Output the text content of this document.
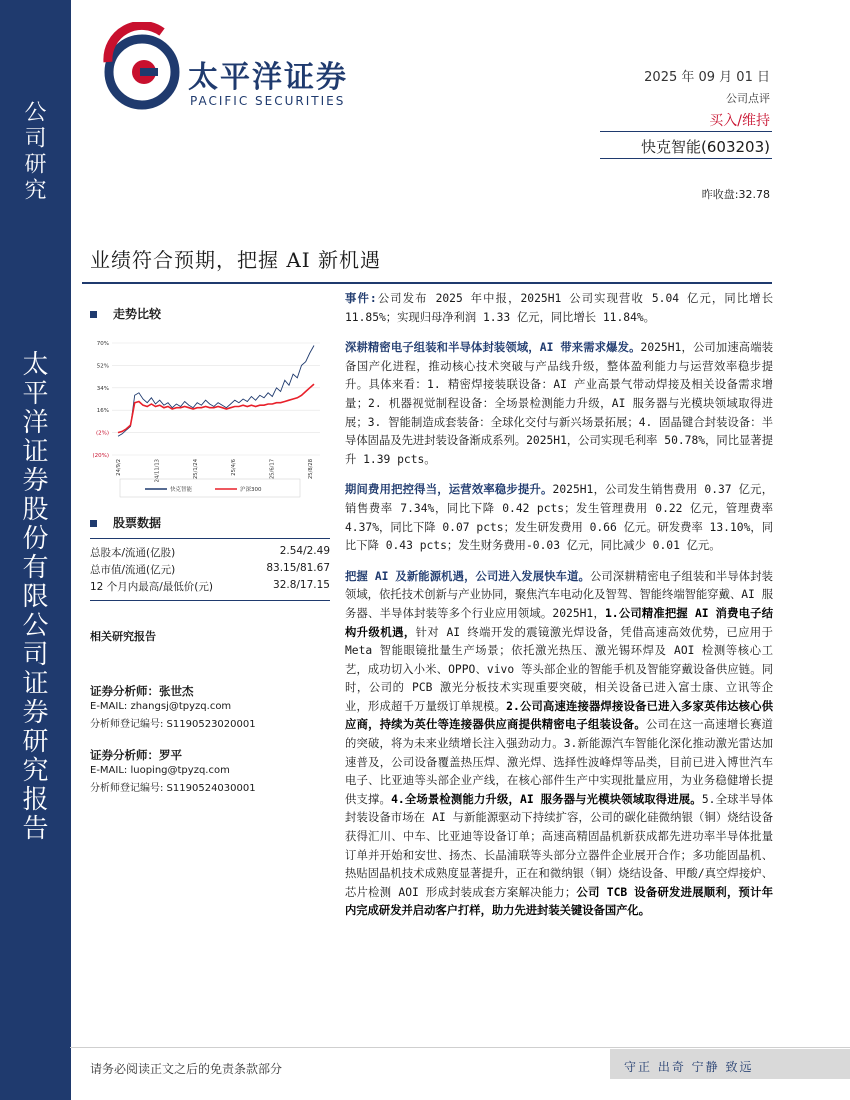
公司研究
太平洋证券股份有限公司证券研究报告
太平洋证券
PACIFIC SECURITIES
2025 年 09 月 01 日
公司点评
买入/维持
快克智能(603203)
昨收盘:32.78
业绩符合预期，把握 AI 新机遇
走势比较
70%
52%
34%
16%
(2%)
(20%)
24/9/2	24/11/13	25/1/24	25/4/6	25/6/17	25/8/28
快克智能	沪深300
股票数据
总股本/流通(亿股)	2.54/2.49
总市值/流通(亿元)	83.15/81.67
12 个月内最高/最低价(元)	32.8/17.15
相关研究报告
证券分析师：张世杰
E-MAIL: zhangsj@tpyzq.com
分析师登记编号: S1190523020001
证券分析师：罗平
E-MAIL: luoping@tpyzq.com
分析师登记编号: S1190524030001

事件:公司发布 2025 年中报，2025H1 公司实现营收 5.04 亿元，同比增长 11.85%；实现归母净利润 1.33 亿元，同比增长 11.84%。

深耕精密电子组装和半导体封装领域，AI 带来需求爆发。2025H1，公司加速高端装备国产化进程，推动核心技术突破与产品线升级，整体盈利能力与运营效率稳步提升。具体来看：1. 精密焊接装联设备：AI 产业高景气带动焊接及相关设备需求增量；2. 机器视觉制程设备：全场景检测能力升级，AI 服务器与光模块领域取得进展；3. 智能制造成套装备：全球化交付与新兴场景拓展；4. 固晶键合封装设备：半导体固晶及先进封装设备渐成系列。2025H1，公司实现毛利率 50.78%，同比显著提升 1.39 pcts。

期间费用把控得当，运营效率稳步提升。2025H1，公司发生销售费用 0.37 亿元，销售费率 7.34%，同比下降 0.42 pcts；发生管理费用 0.22 亿元，管理费率 4.37%，同比下降 0.07 pcts；发生研发费用 0.66 亿元。研发费率 13.10%，同比下降 0.43 pcts；发生财务费用-0.03 亿元，同比减少 0.01 亿元。

把握 AI 及新能源机遇，公司进入发展快车道。公司深耕精密电子组装和半导体封装领域，依托技术创新与产业协同，聚焦汽车电动化及智驾、智能终端智能穿戴、AI 服务器、半导体封装等多个行业应用领域。2025H1，1.公司精准把握 AI 消费电子结构升级机遇，针对 AI 终端开发的震镜激光焊设备，凭借高速高效优势，已应用于 Meta 智能眼镜批量生产场景；依托激光热压、激光锡环焊及 AOI 检测等核心工艺，成功切入小米、OPPO、vivo 等头部企业的智能手机及智能穿戴设备供应链。同时，公司的 PCB 激光分板技术实现重要突破，相关设备已进入富士康、立讯等企业，形成超千万量级订单规模。2.公司高速连接器焊接设备已进入多家英伟达核心供应商，持续为英仕等连接器供应商提供精密电子组装设备。公司在这一高速增长赛道的突破，将为未来业绩增长注入强劲动力。3.新能源汽车智能化深化推动激光雷达加速普及，公司设备覆盖热压焊、激光焊、选择性波峰焊等品类，目前已进入博世汽车电子、比亚迪等头部企业产线，在核心部件生产中实现批量应用，为业务稳健增长提供支撑。4.全场景检测能力升级，AI 服务器与光模块领域取得进展。5.全球半导体封装设备市场在 AI 与新能源驱动下持续扩容，公司的碳化硅微纳银（铜）烧结设备获得汇川、中车、比亚迪等设备订单；高速高精固晶机新获成都先进功率半导体批量订单并开始和安世、扬杰、长晶浦联等头部分立器件企业展开合作；多功能固晶机、热贴固晶机技术成熟度显著提升，正在和微纳银（铜）烧结设备、甲酸/真空焊接炉、芯片检测 AOI 形成封装成套方案解决能力；公司 TCB 设备研发进展顺利，预计年内完成研发并启动客户打样，助力先进封装关键设备国产化。

请务必阅读正文之后的免责条款部分	守正 出奇 宁静 致远
